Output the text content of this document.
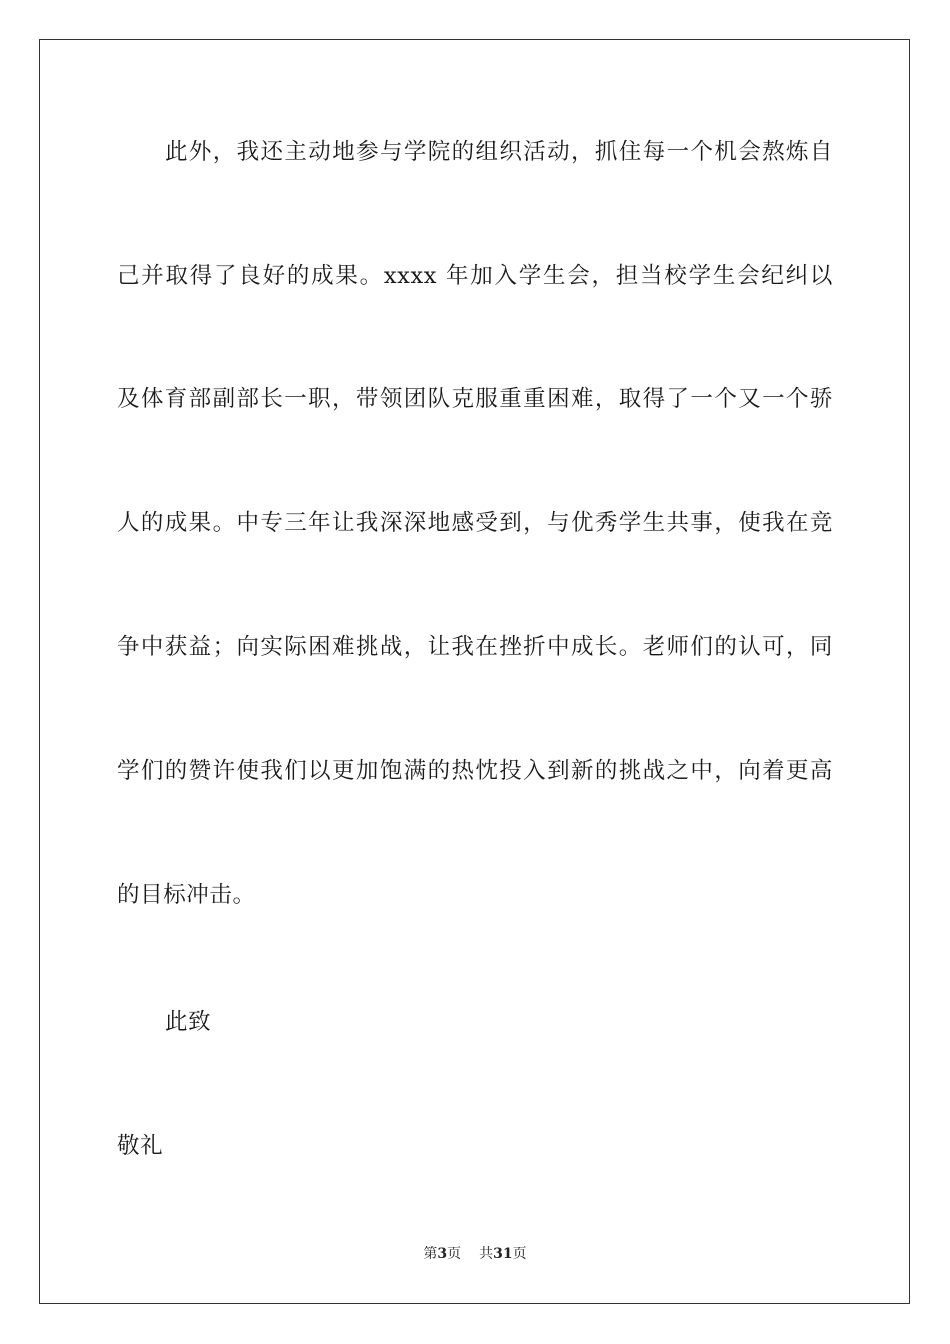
此外，我还主动地参与学院的组织活动，抓住每一个机会熬炼自
己并取得了良好的成果。xxxx 年加入学生会，担当校学生会纪纠以
及体育部副部长一职，带领团队克服重重困难，取得了一个又一个骄
人的成果。中专三年让我深深地感受到，与优秀学生共事，使我在竞
争中获益；向实际困难挑战，让我在挫折中成长。老师们的认可，同
学们的赞许使我们以更加饱满的热忱投入到新的挑战之中，向着更高
的目标冲击。
此致
敬礼
第3页 共31页
